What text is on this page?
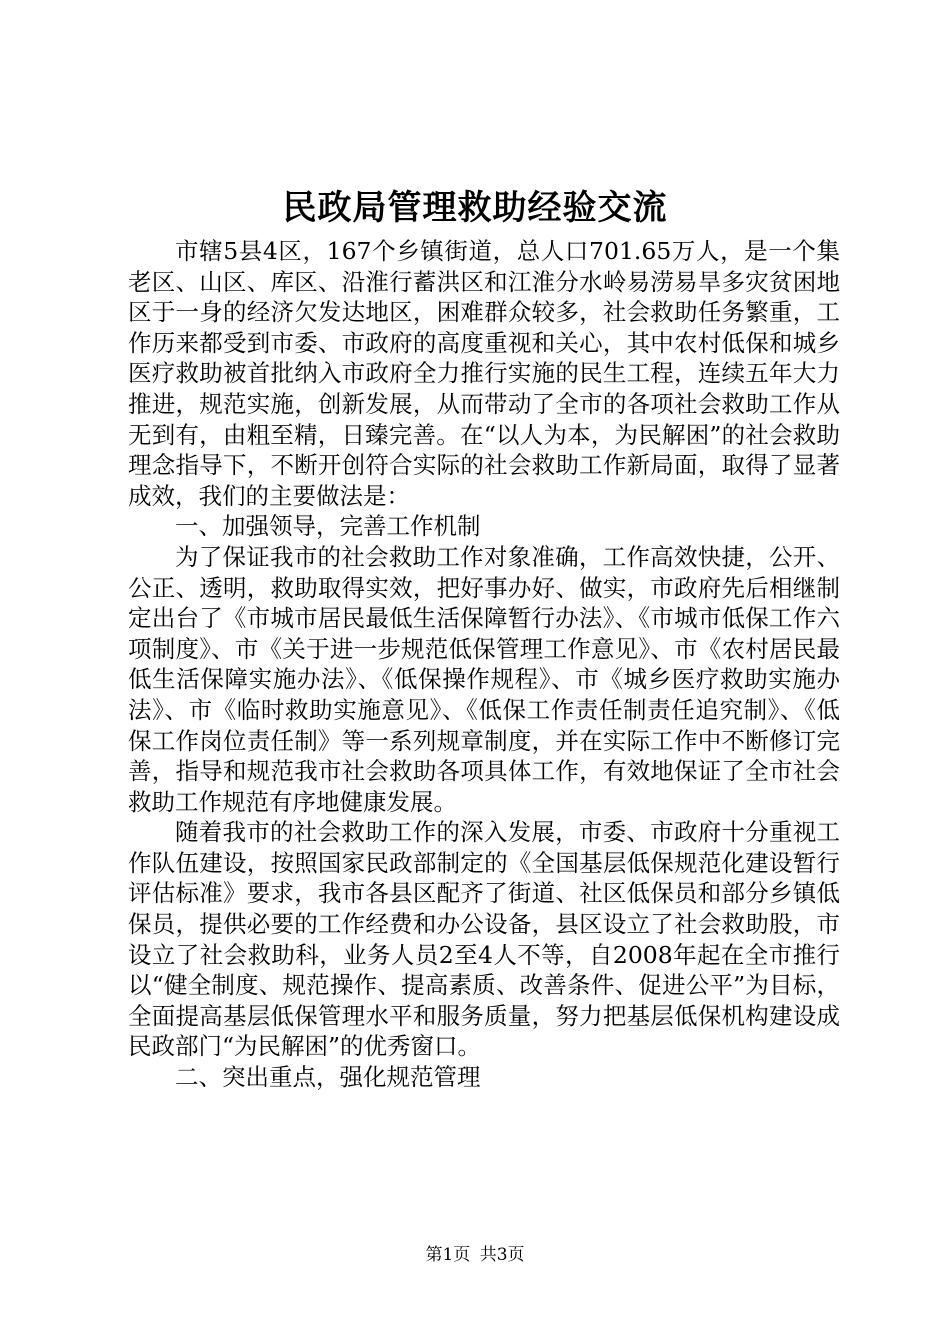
民政局管理救助经验交流

市辖5县4区，167个乡镇街道，总人口701.65万人，是一个集老区、山区、库区、沿淮行蓄洪区和江淮分水岭易涝易旱多灾贫困地区于一身的经济欠发达地区，困难群众较多，社会救助任务繁重，工作历来都受到市委、市政府的高度重视和关心，其中农村低保和城乡医疗救助被首批纳入市政府全力推行实施的民生工程，连续五年大力推进，规范实施，创新发展，从而带动了全市的各项社会救助工作从无到有，由粗至精，日臻完善。在“以人为本，为民解困”的社会救助理念指导下，不断开创符合实际的社会救助工作新局面，取得了显著成效，我们的主要做法是：

一、加强领导，完善工作机制

为了保证我市的社会救助工作对象准确，工作高效快捷，公开、公正、透明，救助取得实效，把好事办好、做实，市政府先后相继制定出台了《市城市居民最低生活保障暂行办法》、《市城市低保工作六项制度》、市《关于进一步规范低保管理工作意见》、市《农村居民最低生活保障实施办法》、《低保操作规程》、市《城乡医疗救助实施办法》、市《临时救助实施意见》、《低保工作责任制责任追究制》、《低保工作岗位责任制》等一系列规章制度，并在实际工作中不断修订完善，指导和规范我市社会救助各项具体工作，有效地保证了全市社会救助工作规范有序地健康发展。

随着我市的社会救助工作的深入发展，市委、市政府十分重视工作队伍建设，按照国家民政部制定的《全国基层低保规范化建设暂行评估标准》要求，我市各县区配齐了街道、社区低保员和部分乡镇低保员，提供必要的工作经费和办公设备，县区设立了社会救助股，市设立了社会救助科，业务人员2至4人不等，自2008年起在全市推行以“健全制度、规范操作、提高素质、改善条件、促进公平”为目标，全面提高基层低保管理水平和服务质量，努力把基层低保机构建设成民政部门“为民解困”的优秀窗口。

二、突出重点，强化规范管理

第1页 共3页
